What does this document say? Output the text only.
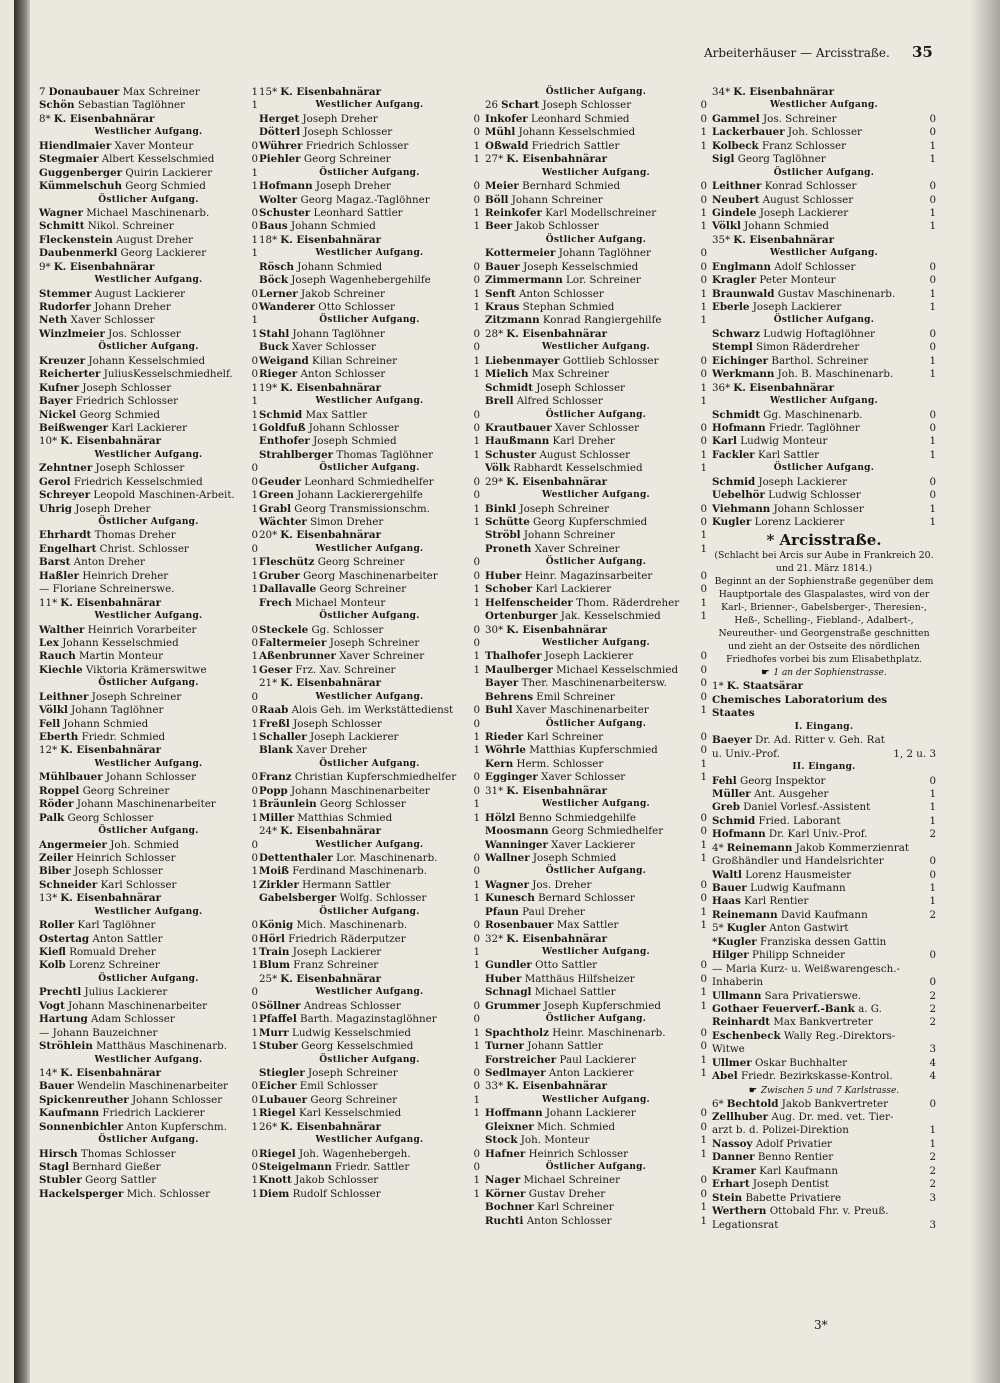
Arbeiterhäuser — Arcisstraße. 35
7 Donaubauer Max Schreiner	1
Schön Sebastian Taglöhner	1
8* K. Eisenbahnärar
Westlicher Aufgang.
Hiendlmaier Xaver Monteur	0
Stegmaier Albert Kesselschmied	0
Guggenberger Quirin Lackierer	1
Kümmelschuh Georg Schmied	1
Östlicher Aufgang.
Wagner Michael Maschinenarb.	0
Schmitt Nikol. Schreiner	0
Fleckenstein August Dreher	1
Daubenmerkl Georg Lackierer	1
9* K. Eisenbahnärar
Westlicher Aufgang.
Stemmer August Lackierer	0
Rudorfer Johann Dreher	0
Neth Xaver Schlosser	1
Winzlmeier Jos. Schlosser	1
Östlicher Aufgang.
Kreuzer Johann Kesselschmied	0
Reicherter JuliusKesselschmiedhelf. 0
Kufner Joseph Schlosser	1
Bayer Friedrich Schlosser	1
Nickel Georg Schmied	1
Beißwenger Karl Lackierer	1
10* K. Eisenbahnärar
Westlicher Aufgang.
Zehntner Joseph Schlosser	0
Gerol Friedrich Kesselschmied	0
Schreyer Leopold Maschinen-Arbeit. 1
Uhrig Joseph Dreher	1
Östlicher Aufgang.
Ehrhardt Thomas Dreher	0
Engelhart Christ. Schlosser	0
Barst Anton Dreher	1
Haßler Heinrich Dreher	1
— Floriane Schreinerswe.	1
11* K. Eisenbahnärar
Westlicher Aufgang.
Walther Heinrich Vorarbeiter	0
Lex Johann Kesselschmied	0
Rauch Martin Monteur	1
Kiechle Viktoria Krämerswitwe	1
Östlicher Aufgang.
Leithner Joseph Schreiner	0
Völkl Johann Taglöhner	0
Fell Johann Schmied	1
Eberth Friedr. Schmied	1
12* K. Eisenbahnärar
Westlicher Aufgang.
Mühlbauer Johann Schlosser	0
Roppel Georg Schreiner	0
Röder Johann Maschinenarbeiter	1
Palk Georg Schlosser	1
Östlicher Aufgang.
Angermeier Joh. Schmied	0
Zeiler Heinrich Schlosser	0
Biber Joseph Schlosser	1
Schneider Karl Schlosser	1
13* K. Eisenbahnärar
Westlicher Aufgang.
Roller Karl Taglöhner	0
Ostertag Anton Sattler	0
Kiefl Romuald Dreher	1
Kolb Lorenz Schreiner	1
Östlicher Aufgang.
Prechtl Julius Lackierer	0
Vogt Johann Maschinenarbeiter	0
Hartung Adam Schlosser	1
— Johann Bauzeichner	1
Ströhlein Matthäus Maschinenarb. 1
Westlicher Aufgang.
14* K. Eisenbahnärar
Bauer Wendelin Maschinenarbeiter 0
Spickenreuther Johann Schlosser	0
Kaufmann Friedrich Lackierer	1
Sonnenbichler Anton Kupferschm. 1
Östlicher Aufgang.
Hirsch Thomas Schlosser	0
Stagl Bernhard Gießer	0
Stubler Georg Sattler	1
Hackelsperger Mich. Schlosser	1
15* K. Eisenbahnärar
Westlicher Aufgang.
Herget Joseph Dreher	0
Dötterl Joseph Schlosser	0
Wührer Friedrich Schlosser	1
Piehler Georg Schreiner	1
Östlicher Aufgang.
Hofmann Joseph Dreher	0
Wolter Georg Magaz.-Taglöhner	0
Schuster Leonhard Sattler	1
Baus Johann Schmied	1
18* K. Eisenbahnärar
Westlicher Aufgang.
Rösch Johann Schmied	0
Böck Joseph Wagenhebergehilfe	0
Lerner Jakob Schreiner	1
Wanderer Otto Schlosser	1
Östlicher Aufgang.
Stahl Johann Taglöhner	0
Buck Xaver Schlosser	0
Weigand Kilian Schreiner	1
Rieger Anton Schlosser	1
19* K. Eisenbahnärar
Westlicher Aufgang.
Schmid Max Sattler	0
Goldfuß Johann Schlosser	0
Enthofer Joseph Schmied	1
Strahlberger Thomas Taglöhner	1
Östlicher Aufgang.
Geuder Leonhard Schmiedhelfer	0
Green Johann Lackierergehilfe	0
Grabl Georg Transmissionschm.	1
Wächter Simon Dreher	1
20* K. Eisenbahnärar
Westlicher Aufgang.
Fleschütz Georg Schreiner	0
Gruber Georg Maschinenarbeiter	0
Dallavalle Georg Schreiner	1
Frech Michael Monteur	1
Östlicher Aufgang.
Steckele Gg. Schlosser	0
Faltermeier Joseph Schreiner	0
Aßenbrunner Xaver Schreiner	1
Geser Frz. Xav. Schreiner	1
21* K. Eisenbahnärar
Westlicher Aufgang.
Raab Alois Geh. im Werkstättedienst 0
Freßl Joseph Schlosser	0
Schaller Joseph Lackierer	1
Blank Xaver Dreher	1
Östlicher Aufgang.
Franz Christian Kupferschmiedhelfer 0
Popp Johann Maschinenarbeiter	0
Bräunlein Georg Schlosser	1
Miller Matthias Schmied	1
24* K. Eisenbahnärar
Westlicher Aufgang.
Dettenthaler Lor. Maschinenarb.	0
Moiß Ferdinand Maschinenarb.	0
Zirkler Hermann Sattler	1
Gabelsberger Wolfg. Schlosser	1
Östlicher Aufgang.
König Mich. Maschinenarb.	0
Hörl Friedrich Räderputzer	0
Train Joseph Lackierer	1
Blum Franz Schreiner	1
25* K. Eisenbahnärar
Westlicher Aufgang.
Söllner Andreas Schlosser	0
Pfaffel Barth. Magazinstaglöhner	0
Murr Ludwig Kesselschmied	1
Stuber Georg Kesselschmied	1
Östlicher Aufgang.
Stiegler Joseph Schreiner	0
Eicher Emil Schlosser	0
Lubauer Georg Schreiner	1
Riegel Karl Kesselschmied	1
26* K. Eisenbahnärar
Westlicher Aufgang.
Riegel Joh. Wagenhebergeh.	0
Steigelmann Friedr. Sattler	0
Knott Jakob Schlosser	1
Diem Rudolf Schlosser	1
Östlicher Aufgang.
26 Schart Joseph Schlosser	0
Inkofer Leonhard Schmied	0
Mühl Johann Kesselschmied	1
Oßwald Friedrich Sattler	1
27* K. Eisenbahnärar
Westlicher Aufgang.
Meier Bernhard Schmied	0
Böll Johann Schreiner	0
Reinkofer Karl Modellschreiner	1
Beer Jakob Schlosser	1
Östlicher Aufgang.
Kottermeier Johann Taglöhner	0
Bauer Joseph Kesselschmied	0
Zimmermann Lor. Schreiner	0
Senft Anton Schlosser	1
Kraus Stephan Schmied	1
Zitzmann Konrad Rangiergehilfe	1
28* K. Eisenbahnärar
Westlicher Aufgang.
Liebenmayer Gottlieb Schlosser	0
Mielich Max Schreiner	0
Schmidt Joseph Schlosser	1
Brell Alfred Schlosser	1
Östlicher Aufgang.
Krautbauer Xaver Schlosser	0
Haußmann Karl Dreher	0
Schuster August Schlosser	1
Völk Rabhardt Kesselschmied	1
29* K. Eisenbahnärar
Westlicher Aufgang.
Binkl Joseph Schreiner	0
Schütte Georg Kupferschmied	0
Ströbl Johann Schreiner	1
Proneth Xaver Schreiner	1
Östlicher Aufgang.
Huber Heinr. Magazinsarbeiter	0
Schober Karl Lackierer	0
Helfenscheider Thom. Räderdreher 1
Ortenburger Jak. Kesselschmied	1
30* K. Eisenbahnärar
Westlicher Aufgang.
Thalhofer Joseph Lackierer	0
Maulberger Michael Kesselschmied 0
Bayer Ther. Maschinenarbeitersw.	0
Behrens Emil Schreiner	0
Buhl Xaver Maschinenarbeiter	1
Östlicher Aufgang.
Rieder Karl Schreiner	0
Wöhrle Matthias Kupferschmied	0
Kern Herm. Schlosser	1
Egginger Xaver Schlosser	1
31* K. Eisenbahnärar
Westlicher Aufgang.
Hölzl Benno Schmiedgehilfe	0
Moosmann Georg Schmiedhelfer	0
Wanninger Xaver Lackierer	1
Wallner Joseph Schmied	1
Östlicher Aufgang.
Wagner Jos. Dreher	0
Kunesch Bernard Schlosser	0
Pfaun Paul Dreher	1
Rosenbauer Max Sattler	1
32* K. Eisenbahnärar
Westlicher Aufgang.
Gundler Otto Sattler	0
Huber Matthäus Hilfsheizer	0
Schnagl Michael Sattler	1
Grummer Joseph Kupferschmied	1
Östlicher Aufgang.
Spachtholz Heinr. Maschinenarb.	0
Turner Johann Sattler	0
Forstreicher Paul Lackierer	1
Sedlmayer Anton Lackierer	1
33* K. Eisenbahnärar
Westlicher Aufgang.
Hoffmann Johann Lackierer	0
Gleixner Mich. Schmied	0
Stock Joh. Monteur	1
Hafner Heinrich Schlosser	1
Östlicher Aufgang.
Nager Michael Schreiner	0
Körner Gustav Dreher	0
Bochner Karl Schreiner	1
Ruchti Anton Schlosser	1
34* K. Eisenbahnärar
Westlicher Aufgang.
Gammel Jos. Schreiner	0
Lackerbauer Joh. Schlosser	0
Kolbeck Franz Schlosser	1
Sigl Georg Taglöhner	1
Östlicher Aufgang.
Leithner Konrad Schlosser	0
Neubert August Schlosser	0
Gindele Joseph Lackierer	1
Völkl Johann Schmied	1
35* K. Eisenbahnärar
Westlicher Aufgang.
Englmann Adolf Schlosser	0
Kragler Peter Monteur	0
Braunwald Gustav Maschinenarb.	1
Eberle Joseph Lackierer	1
Östlicher Aufgang.
Schwarz Ludwig Hoftaglöhner	0
Stempl Simon Räderdreher	0
Eichinger Barthol. Schreiner	1
Werkmann Joh. B. Maschinenarb.	1
36* K. Eisenbahnärar
Westlicher Aufgang.
Schmidt Gg. Maschinenarb.	0
Hofmann Friedr. Taglöhner	0
Karl Ludwig Monteur	1
Fackler Karl Sattler	1
Östlicher Aufgang.
Schmid Joseph Lackierer	0
Uebelhör Ludwig Schlosser	0
Viehmann Johann Schlosser	1
Kugler Lorenz Lackierer	1
* Arcisstraße.
(Schlacht bei Arcis sur Aube in Frankreich 20. und 21. März 1814.)
Beginnt an der Sophienstraße gegenüber dem Hauptportale des Glaspalastes, wird von der Karl-, Brienner-, Gabelsberger-, Theresien-, Heß-, Schelling-, Fiebland-, Adalbert-, Neureuther- und Georgenstraße geschnitten und zieht an der Ostseite des nördlichen Friedhofes vorbei bis zum Elisabethplatz.
☛ 1 an der Sophienstrasse.
1* K. Staatsärar
Chemisches Laboratorium des
Staates
I. Eingang.
Baeyer Dr. Ad. Ritter v. Geh. Rat
u. Univ.-Prof.	1, 2 u. 3
II. Eingang.
Fehl Georg Inspektor	0
Müller Ant. Ausgeher	1
Greb Daniel Vorlesf.-Assistent	1
Schmid Fried. Laborant	1
Hofmann Dr. Karl Univ.-Prof.	2
4* Reinemann Jakob Kommerzienrat
Großhändler und Handelsrichter	0
Waltl Lorenz Hausmeister	0
Bauer Ludwig Kaufmann	1
Haas Karl Rentier	1
Reinemann David Kaufmann	2
5* Kugler Anton Gastwirt
*Kugler Franziska dessen Gattin
Hilger Philipp Schneider	0
— Maria Kurz- u. Weißwarengesch.-
Inhaberin	0
Ullmann Sara Privatierswe.	2
Gothaer Feuerverf.-Bank a. G.	2
Reinhardt Max Bankvertreter	2
Eschenbeck Wally Reg.-Direktors-
Witwe	3
Ullmer Oskar Buchhalter	4
Abel Friedr. Bezirkskasse-Kontrol.	4
☛ Zwischen 5 und 7 Karlstrasse.
6* Bechtold Jakob Bankvertreter	0
Zellhuber Aug. Dr. med. vet. Tier-
arzt b. d. Polizei-Direktion	1
Nassoy Adolf Privatier	1
Danner Benno Rentier	2
Kramer Karl Kaufmann	2
Erhart Joseph Dentist	2
Stein Babette Privatiere	3
Werthern Ottobald Fhr. v. Preuß.
Legationsrat	3
3*
